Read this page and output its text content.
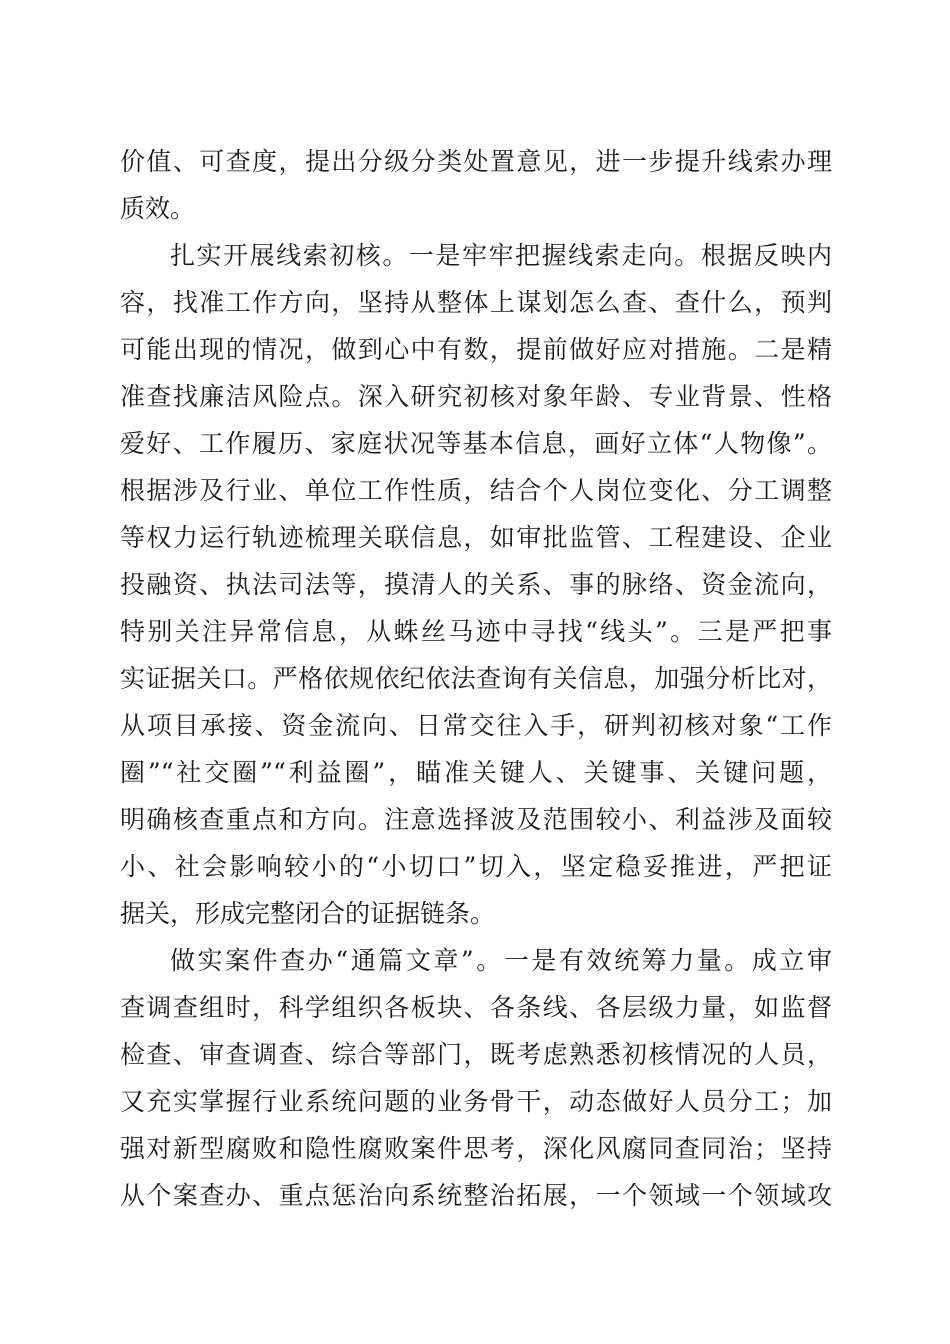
价值、可查度，提出分级分类处置意见，进一步提升线索办理
质效。
扎实开展线索初核。一是牢牢把握线索走向。根据反映内
容，找准工作方向，坚持从整体上谋划怎么查、查什么，预判
可能出现的情况，做到心中有数，提前做好应对措施。二是精
准查找廉洁风险点。深入研究初核对象年龄、专业背景、性格
爱好、工作履历、家庭状况等基本信息，画好立体“人物像”。
根据涉及行业、单位工作性质，结合个人岗位变化、分工调整
等权力运行轨迹梳理关联信息，如审批监管、工程建设、企业
投融资、执法司法等，摸清人的关系、事的脉络、资金流向，
特别关注异常信息，从蛛丝马迹中寻找“线头”。三是严把事
实证据关口。严格依规依纪依法查询有关信息，加强分析比对，
从项目承接、资金流向、日常交往入手，研判初核对象“工作
圈”“社交圈”“利益圈”，瞄准关键人、关键事、关键问题，
明确核查重点和方向。注意选择波及范围较小、利益涉及面较
小、社会影响较小的“小切口”切入，坚定稳妥推进，严把证
据关，形成完整闭合的证据链条。
做实案件查办“通篇文章”。一是有效统筹力量。成立审
查调查组时，科学组织各板块、各条线、各层级力量，如监督
检查、审查调查、综合等部门，既考虑熟悉初核情况的人员，
又充实掌握行业系统问题的业务骨干，动态做好人员分工；加
强对新型腐败和隐性腐败案件思考，深化风腐同查同治；坚持
从个案查办、重点惩治向系统整治拓展，一个领域一个领域攻
